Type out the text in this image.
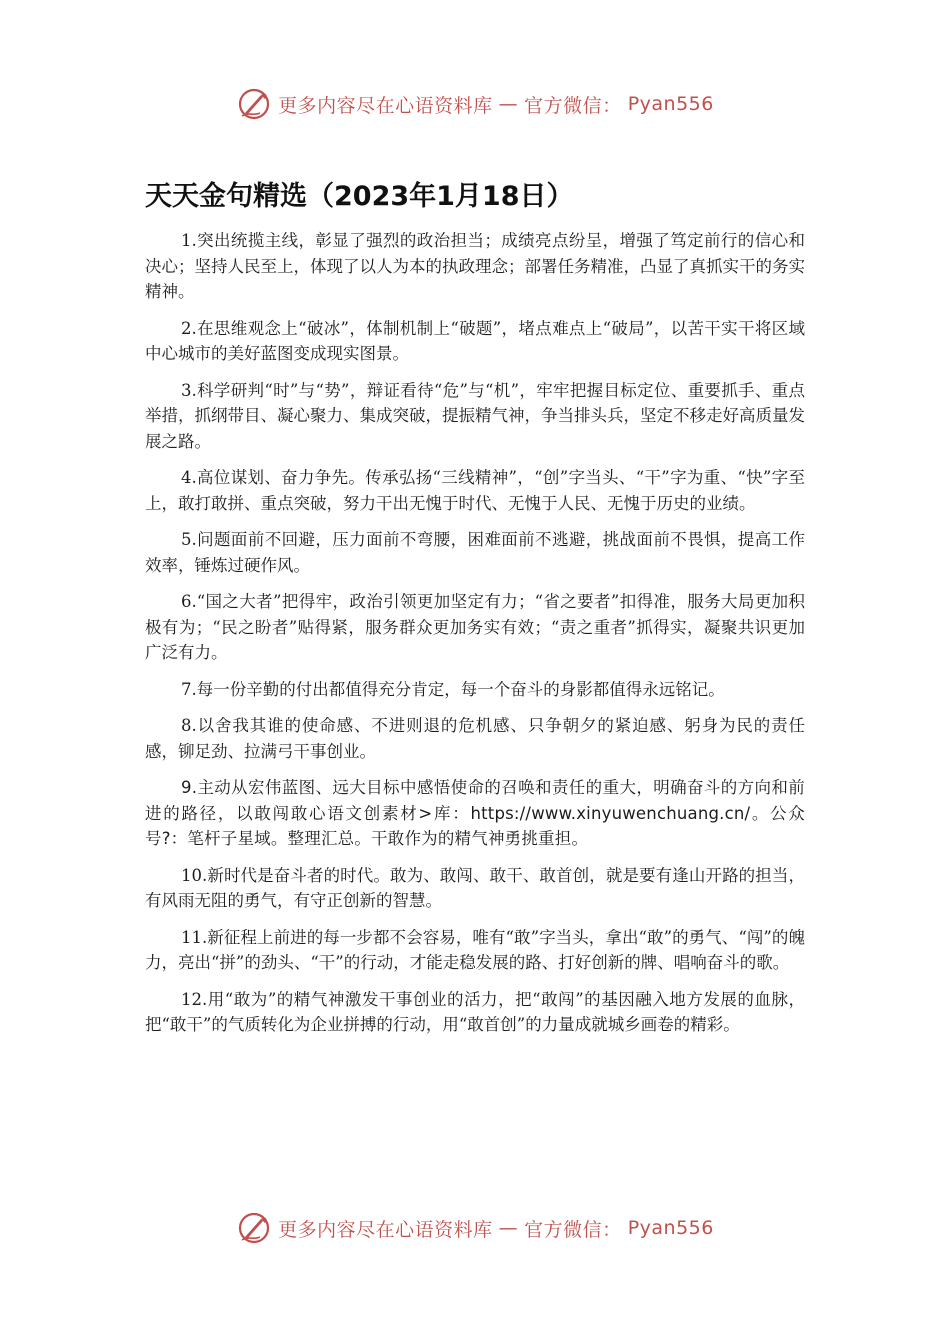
更多内容尽在心语资料库 — 官方微信： Pyan556
天天金句精选（2023年1月18日）

1.突出统揽主线，彰显了强烈的政治担当；成绩亮点纷呈，增强了笃定前行的信心和决心；坚持人民至上，体现了以人为本的执政理念；部署任务精准，凸显了真抓实干的务实精神。

2.在思维观念上“破冰”，体制机制上“破题”，堵点难点上“破局”，以苦干实干将区域中心城市的美好蓝图变成现实图景。

3.科学研判“时”与“势”，辩证看待“危”与“机”，牢牢把握目标定位、重要抓手、重点举措，抓纲带目、凝心聚力、集成突破，提振精气神，争当排头兵，坚定不移走好高质量发展之路。

4.高位谋划、奋力争先。传承弘扬“三线精神”，“创”字当头、“干”字为重、“快”字至上，敢打敢拼、重点突破，努力干出无愧于时代、无愧于人民、无愧于历史的业绩。

5.问题面前不回避，压力面前不弯腰，困难面前不逃避，挑战面前不畏惧，提高工作效率，锤炼过硬作风。

6.“国之大者”把得牢，政治引领更加坚定有力；“省之要者”扣得准，服务大局更加积极有为；“民之盼者”贴得紧，服务群众更加务实有效；“责之重者”抓得实，凝聚共识更加广泛有力。

7.每一份辛勤的付出都值得充分肯定，每一个奋斗的身影都值得永远铭记。

8.以舍我其谁的使命感、不进则退的危机感、只争朝夕的紧迫感、躬身为民的责任感，铆足劲、拉满弓干事创业。

9.主动从宏伟蓝图、远大目标中感悟使命的召唤和责任的重大，明确奋斗的方向和前进的路径，以敢闯敢心语文创素材>库：https://www.xinyuwenchuang.cn/。公众号?：笔杆子星域。整理汇总。干敢作为的精气神勇挑重担。

10.新时代是奋斗者的时代。敢为、敢闯、敢干、敢首创，就是要有逢山开路的担当，有风雨无阻的勇气，有守正创新的智慧。

11.新征程上前进的每一步都不会容易，唯有“敢”字当头，拿出“敢”的勇气、“闯”的魄力，亮出“拼”的劲头、“干”的行动，才能走稳发展的路、打好创新的牌、唱响奋斗的歌。

12.用“敢为”的精气神激发干事创业的活力，把“敢闯”的基因融入地方发展的血脉，把“敢干”的气质转化为企业拼搏的行动，用“敢首创”的力量成就城乡画卷的精彩。

更多内容尽在心语资料库 — 官方微信： Pyan556
